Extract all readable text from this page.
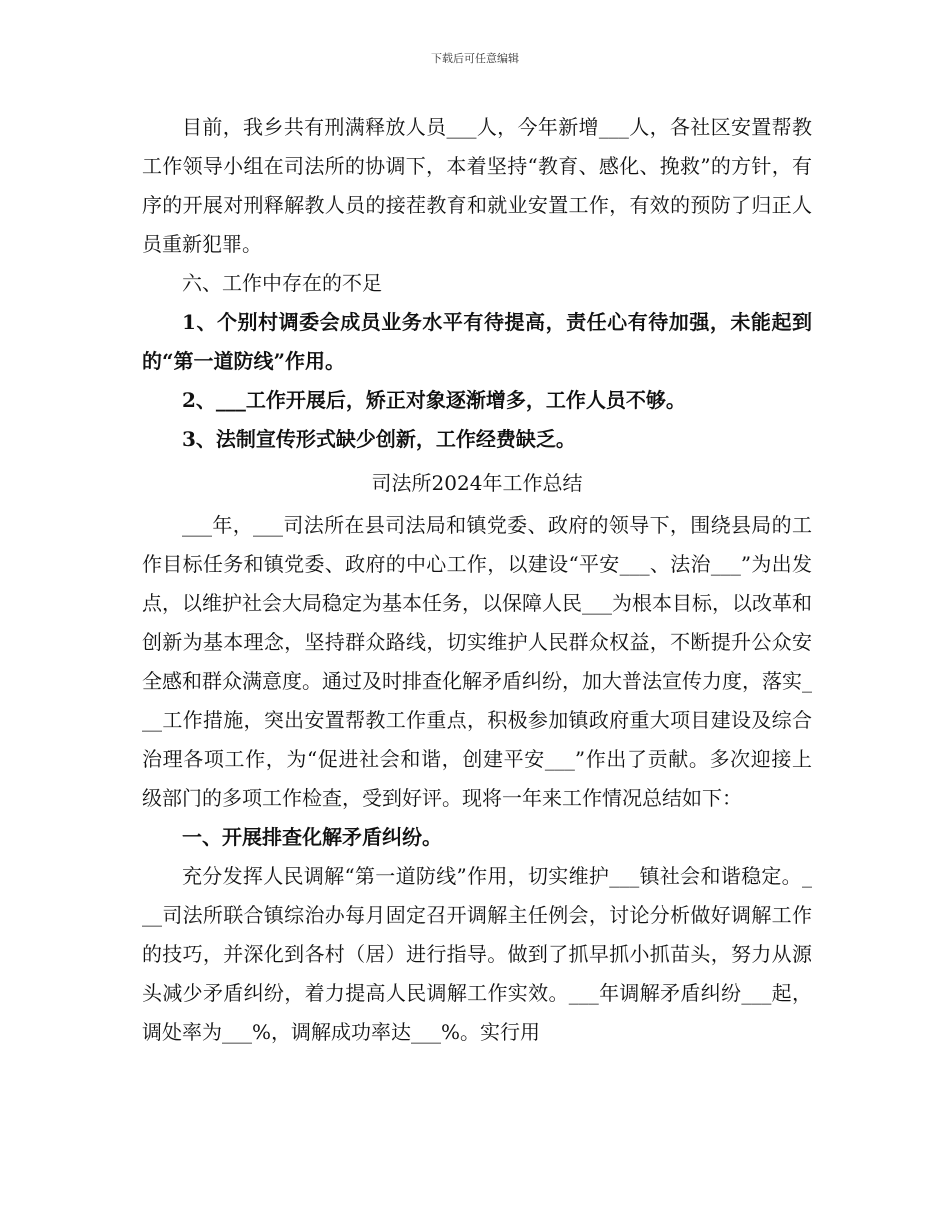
下载后可任意编辑

目前，我乡共有刑满释放人员___人，今年新增___人，各社区安置帮教工作领导小组在司法所的协调下，本着坚持“教育、感化、挽救”的方针，有序的开展对刑释解教人员的接茬教育和就业安置工作，有效的预防了归正人员重新犯罪。

六、工作中存在的不足

1、个别村调委会成员业务水平有待提高，责任心有待加强，未能起到的“第一道防线”作用。

2、___工作开展后，矫正对象逐渐增多，工作人员不够。

3、法制宣传形式缺少创新，工作经费缺乏。

司法所2024年工作总结

___年，___司法所在县司法局和镇党委、政府的领导下，围绕县局的工作目标任务和镇党委、政府的中心工作，以建设“平安___、法治___”为出发点，以维护社会大局稳定为基本任务，以保障人民___为根本目标，以改革和创新为基本理念，坚持群众路线，切实维护人民群众权益，不断提升公众安全感和群众满意度。通过及时排查化解矛盾纠纷，加大普法宣传力度，落实___工作措施，突出安置帮教工作重点，积极参加镇政府重大项目建设及综合治理各项工作，为“促进社会和谐，创建平安___”作出了贡献。多次迎接上级部门的多项工作检查，受到好评。现将一年来工作情况总结如下：

一、开展排查化解矛盾纠纷。

充分发挥人民调解“第一道防线”作用，切实维护___镇社会和谐稳定。___司法所联合镇综治办每月固定召开调解主任例会，讨论分析做好调解工作的技巧，并深化到各村（居）进行指导。做到了抓早抓小抓苗头，努力从源头减少矛盾纠纷，着力提高人民调解工作实效。___年调解矛盾纠纷___起，调处率为___%，调解成功率达___%。实行用
